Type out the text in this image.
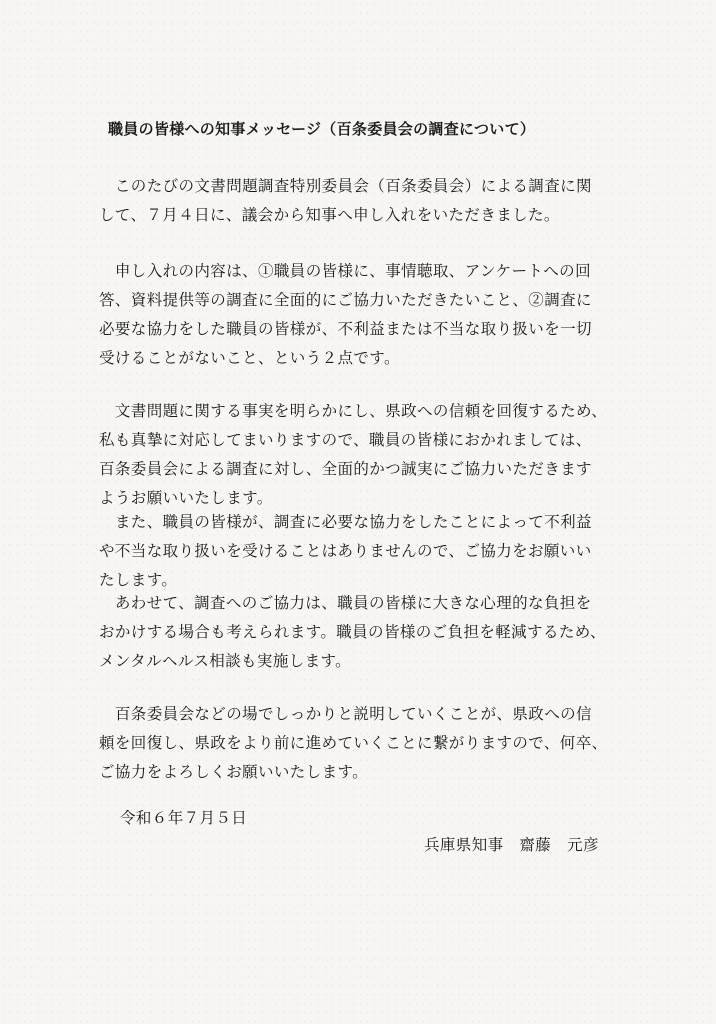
職員の皆様への知事メッセージ（百条委員会の調査について）
　このたびの文書問題調査特別委員会（百条委員会）による調査に関
して、７月４日に、議会から知事へ申し入れをいただきました。
　申し入れの内容は、①職員の皆様に、事情聴取、アンケートへの回
答、資料提供等の調査に全面的にご協力いただきたいこと、②調査に
必要な協力をした職員の皆様が、不利益または不当な取り扱いを一切
受けることがないこと、という２点です。
　文書問題に関する事実を明らかにし、県政への信頼を回復するため、
私も真摯に対応してまいりますので、職員の皆様におかれましては、
百条委員会による調査に対し、全面的かつ誠実にご協力いただきます
ようお願いいたします。
　また、職員の皆様が、調査に必要な協力をしたことによって不利益
や不当な取り扱いを受けることはありませんので、ご協力をお願いい
たします。
　あわせて、調査へのご協力は、職員の皆様に大きな心理的な負担を
おかけする場合も考えられます。職員の皆様のご負担を軽減するため、
メンタルヘルス相談も実施します。
　百条委員会などの場でしっかりと説明していくことが、県政への信
頼を回復し、県政をより前に進めていくことに繋がりますので、何卒、
ご協力をよろしくお願いいたします。
令和６年７月５日
兵庫県知事　齋藤　元彦
